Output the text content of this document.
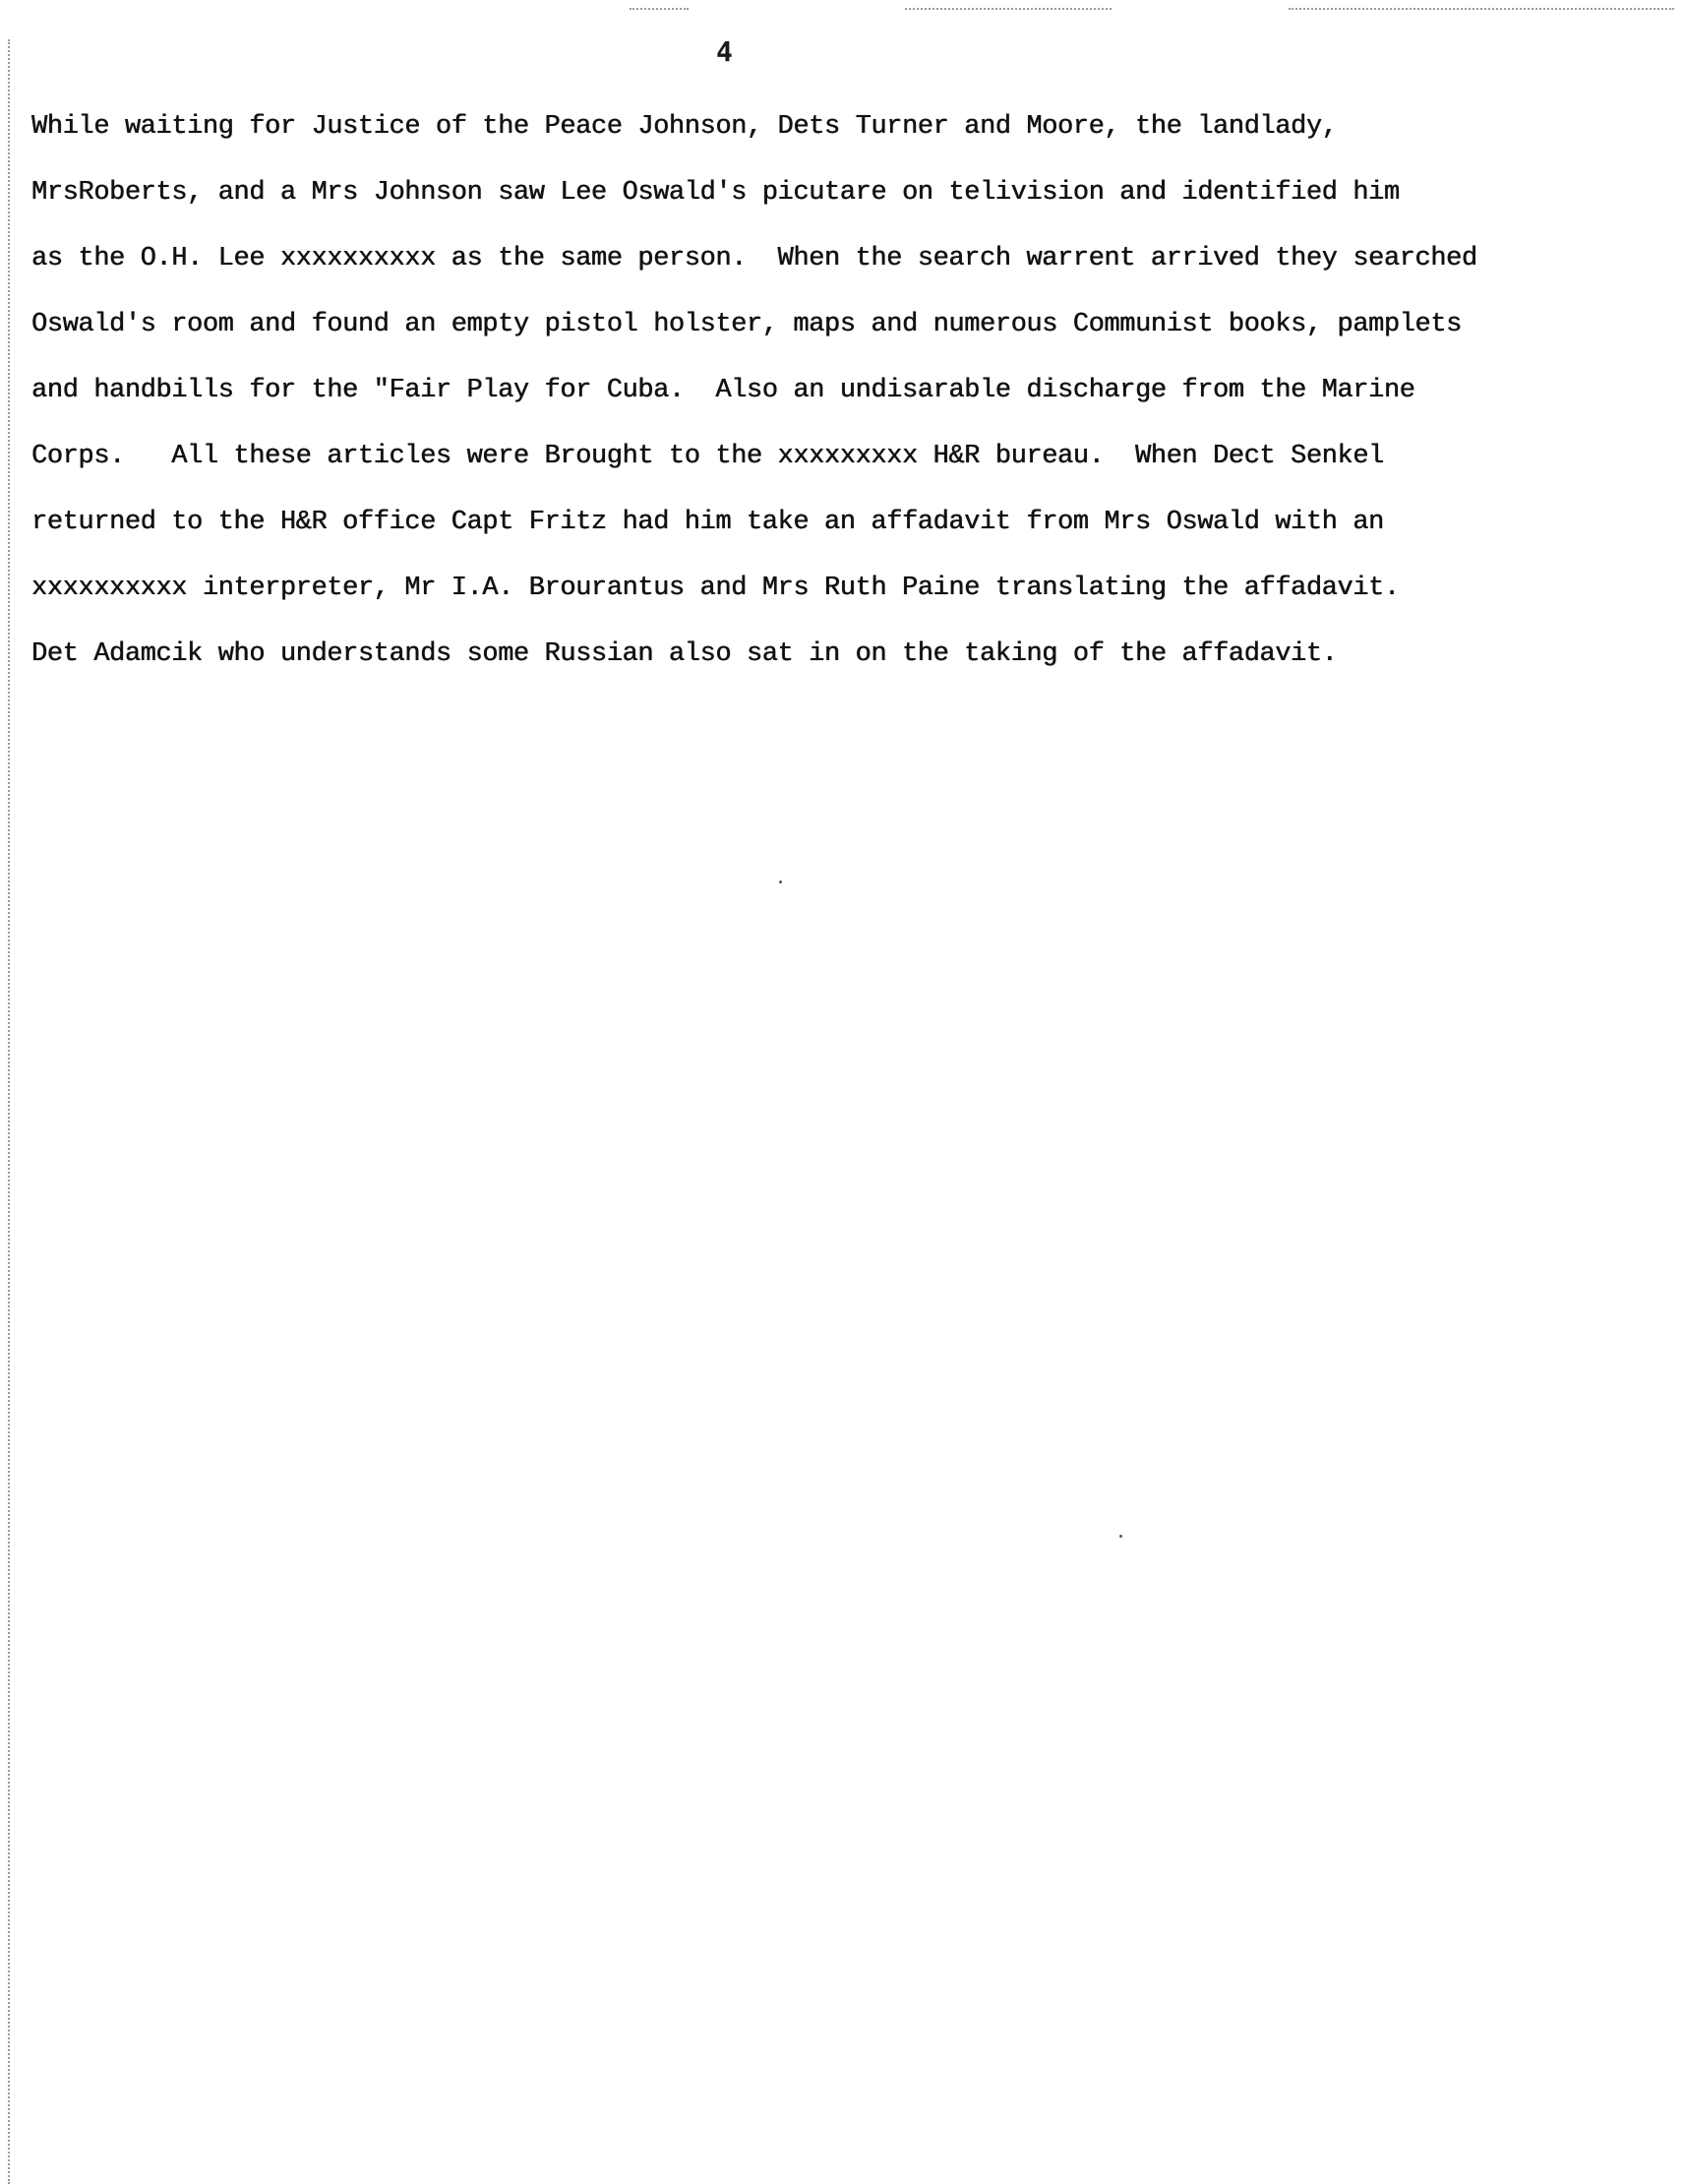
4
While waiting for Justice of the Peace Johnson, Dets Turner and Moore, the landlady,
MrsRoberts, and a Mrs Johnson saw Lee Oswald's picutare on telivision and identified him
as the O.H. Lee xxxxxxxxxx as the same person.  When the search warrent arrived they searched
Oswald's room and found an empty pistol holster, maps and numerous Communist books, pamplets
and handbills for the "Fair Play for Cuba.  Also an undisarable discharge from the Marine
Corps.   All these articles were Brought to the xxxxxxxxx H&R bureau.  When Dect Senkel
returned to the H&R office Capt Fritz had him take an affadavit from Mrs Oswald with an
xxxxxxxxxx interpreter, Mr I.A. Brourantus and Mrs Ruth Paine translating the affadavit.
Det Adamcik who understands some Russian also sat in on the taking of the affadavit.
